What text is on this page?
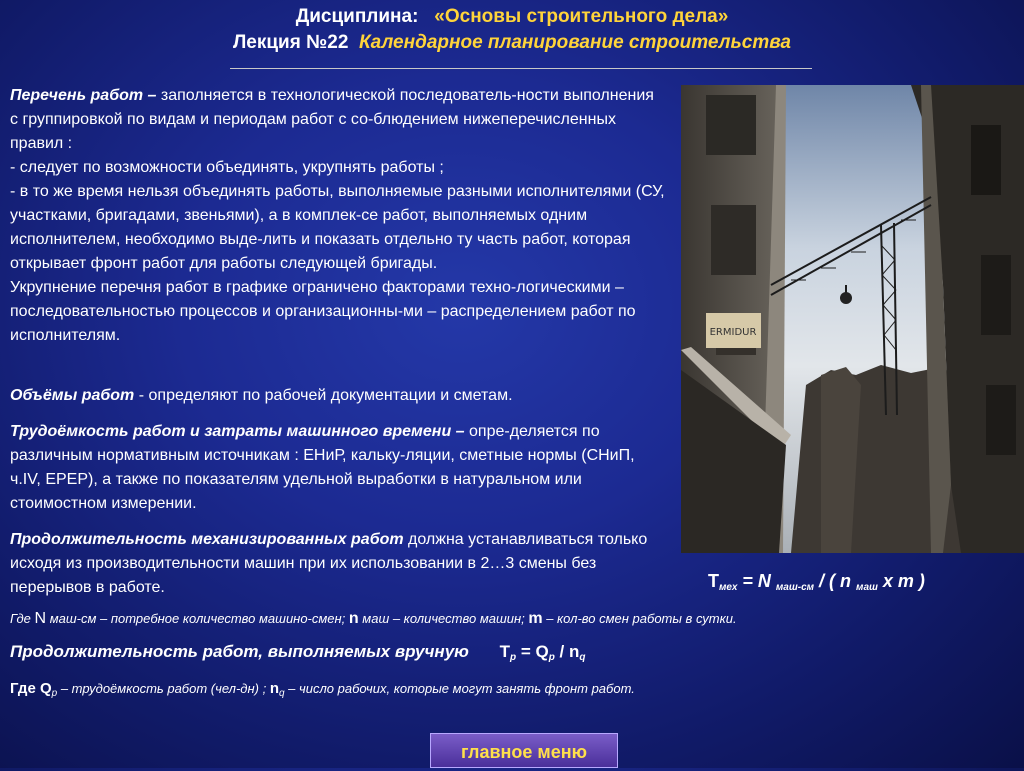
Дисциплина: «Основы строительного дела»
Лекция №22 Календарное планирование строительства
Перечень работ – заполняется в технологической последователь-ности выполнения с группировкой по видам и периодам работ с со-блюдением нижеперечисленных правил :
- следует по возможности объединять, укрупнять работы ;
- в то же время нельзя объединять работы, выполняемые разными исполнителями (СУ, участками, бригадами, звеньями), а в комплек-се работ, выполняемых одним исполнителем, необходимо выде-лить и показать отдельно ту часть работ, которая открывает фронт работ для работы следующей бригады.
Укрупнение перечня работ в графике ограничено факторами техно-логическими – последовательностью процессов и организационны-ми – распределением работ по исполнителям.
Объёмы работ - определяют по рабочей документации и сметам.
Трудоёмкость работ и затраты машинного времени – опре-деляется по различным нормативным источникам : ЕНиР, кальку-ляции, сметные нормы (СНиП, ч.IV, ЕРЕР), а также по показателям удельной выработки в натуральном или стоимостном измерении.
Продолжительность механизированных работ должна устанавливаться только исходя из производительности машин при их использовании в 2…3 смены без перерывов в работе.
ERMIDUR
$Т_{мех} = N$ $_{маш-см}$ / ( n $_{маш}$ x m )
Где N маш-см – потребное количество машино-смен; n маш – количество машин; m – кол-во смен работы в сутки.
Продолжительность работ, выполняемых вручную $Т_р = Q_р / n_q$
Где $Q_р$ – трудоёмкость работ (чел-дн) ; $n_q$ – число рабочих, которые могут занять фронт работ.
главное меню
